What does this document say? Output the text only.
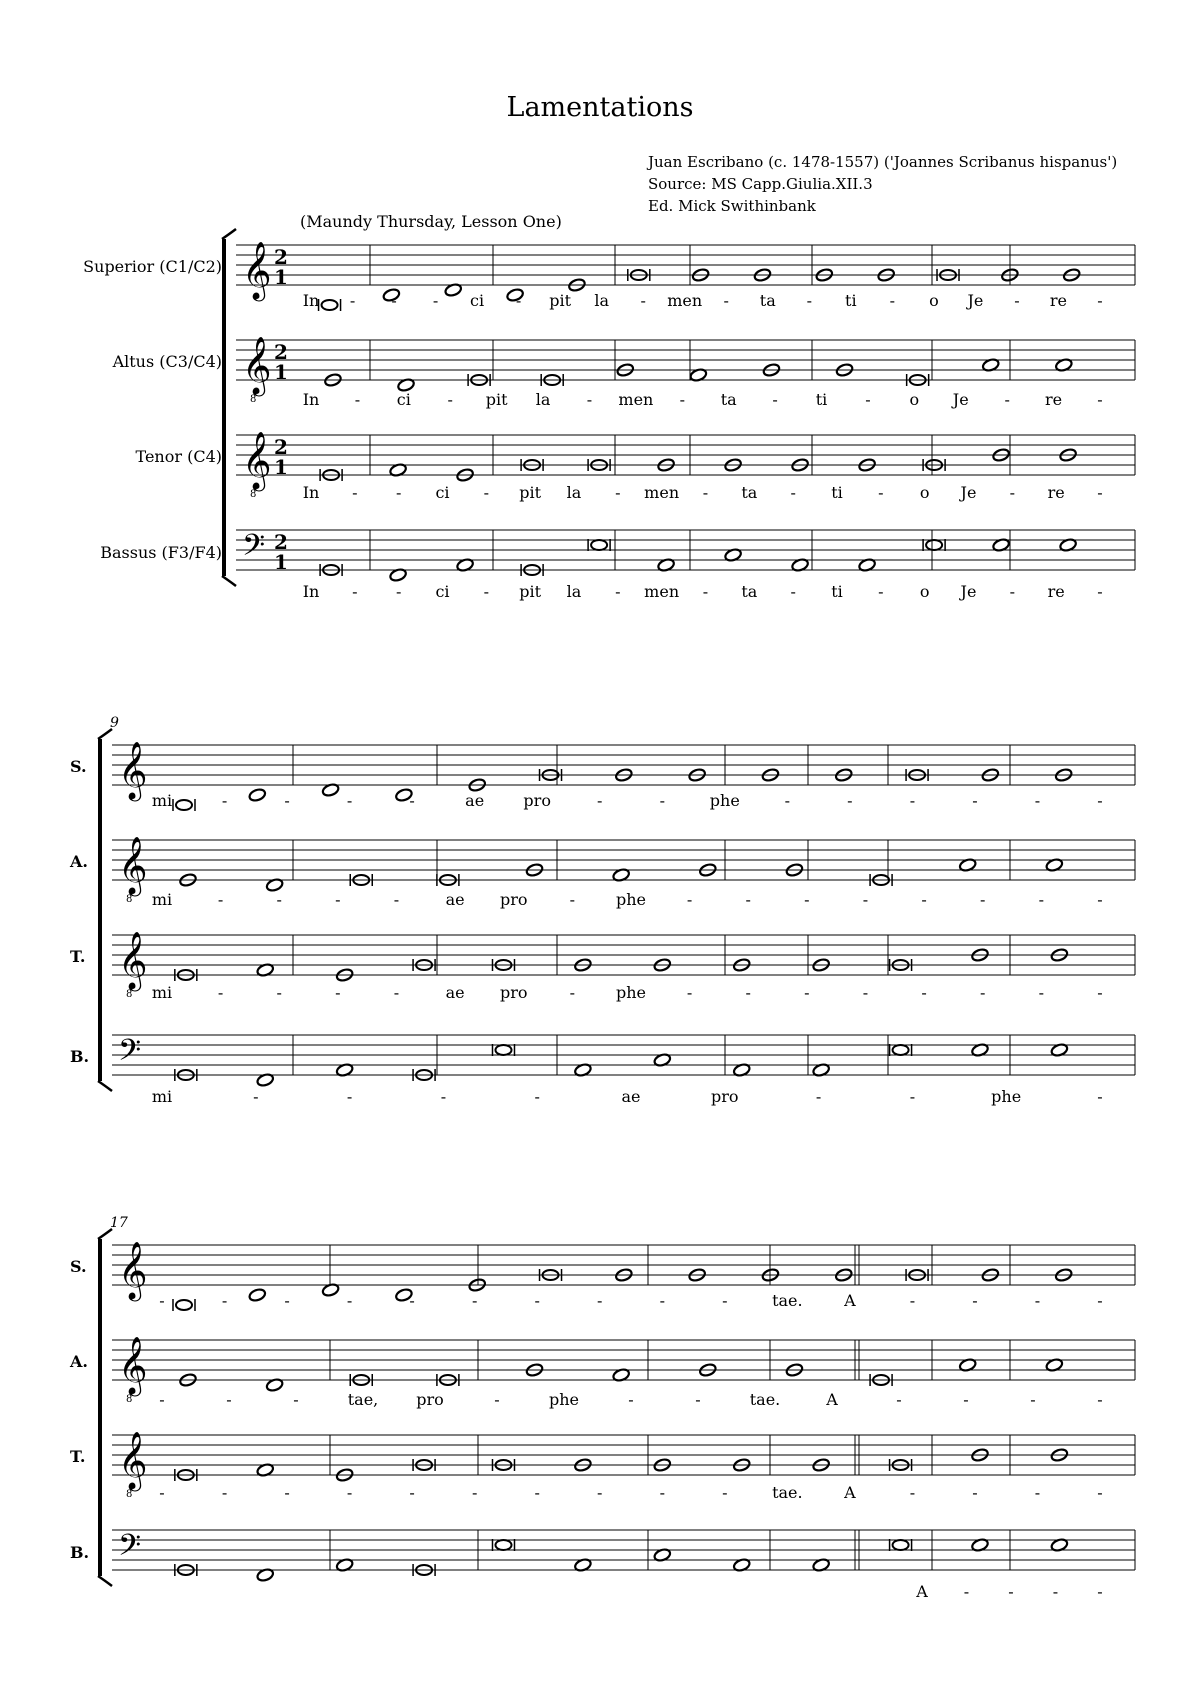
Lamentations
Juan Escribano (c. 1478-1557) ('Joannes Scribanus hispanus')
Source: MS Capp.Giulia.XII.3
Ed. Mick Swithinbank
(Maundy Thursday, Lesson One)
Superior (C1/C2)
Altus (C3/C4)
Tenor (C4)
Bassus (F3/F4)
S.
A.
T.
B.
S.
A.
T.
B.
9
17
𝄞 2
1
𝄞
8
2
1
𝄞
8
2
1
𝄢 2
1
𝄞
𝄞
8
𝄞
8
𝄢
𝄞
𝄞
8
𝄞
8
𝄢
In - - - ci - pit la - men - ta - ti - o Je - re -
In - ci - pit la - men - ta - ti - o Je - re -
In - - ci - pit la - men - ta - ti - o Je - re -
In - - ci - pit la - men - ta - ti - o Je - re -
mi	-	-	-	-	ae pro	-	-	phe	-	-	-	-	-	-
mi	-	-	-	-	ae pro	-	phe	-	-	-	-	-	-	-	-
mi	-	-	-	-	ae pro	-	phe	-	-	-	-	-	-	-	-
mi	-	-	-	-	ae	pro	-	-	phe	-
-	-	-	-	-	-	-	-	-	-	tae.	A	-	-	-	-
-	-	-	tae, pro	-	phe	-	-	tae.	A	-	-	-	-
-	-	-	-	-	-	-	-	-	-	tae.	A	-	-	-	-
A - - - -
